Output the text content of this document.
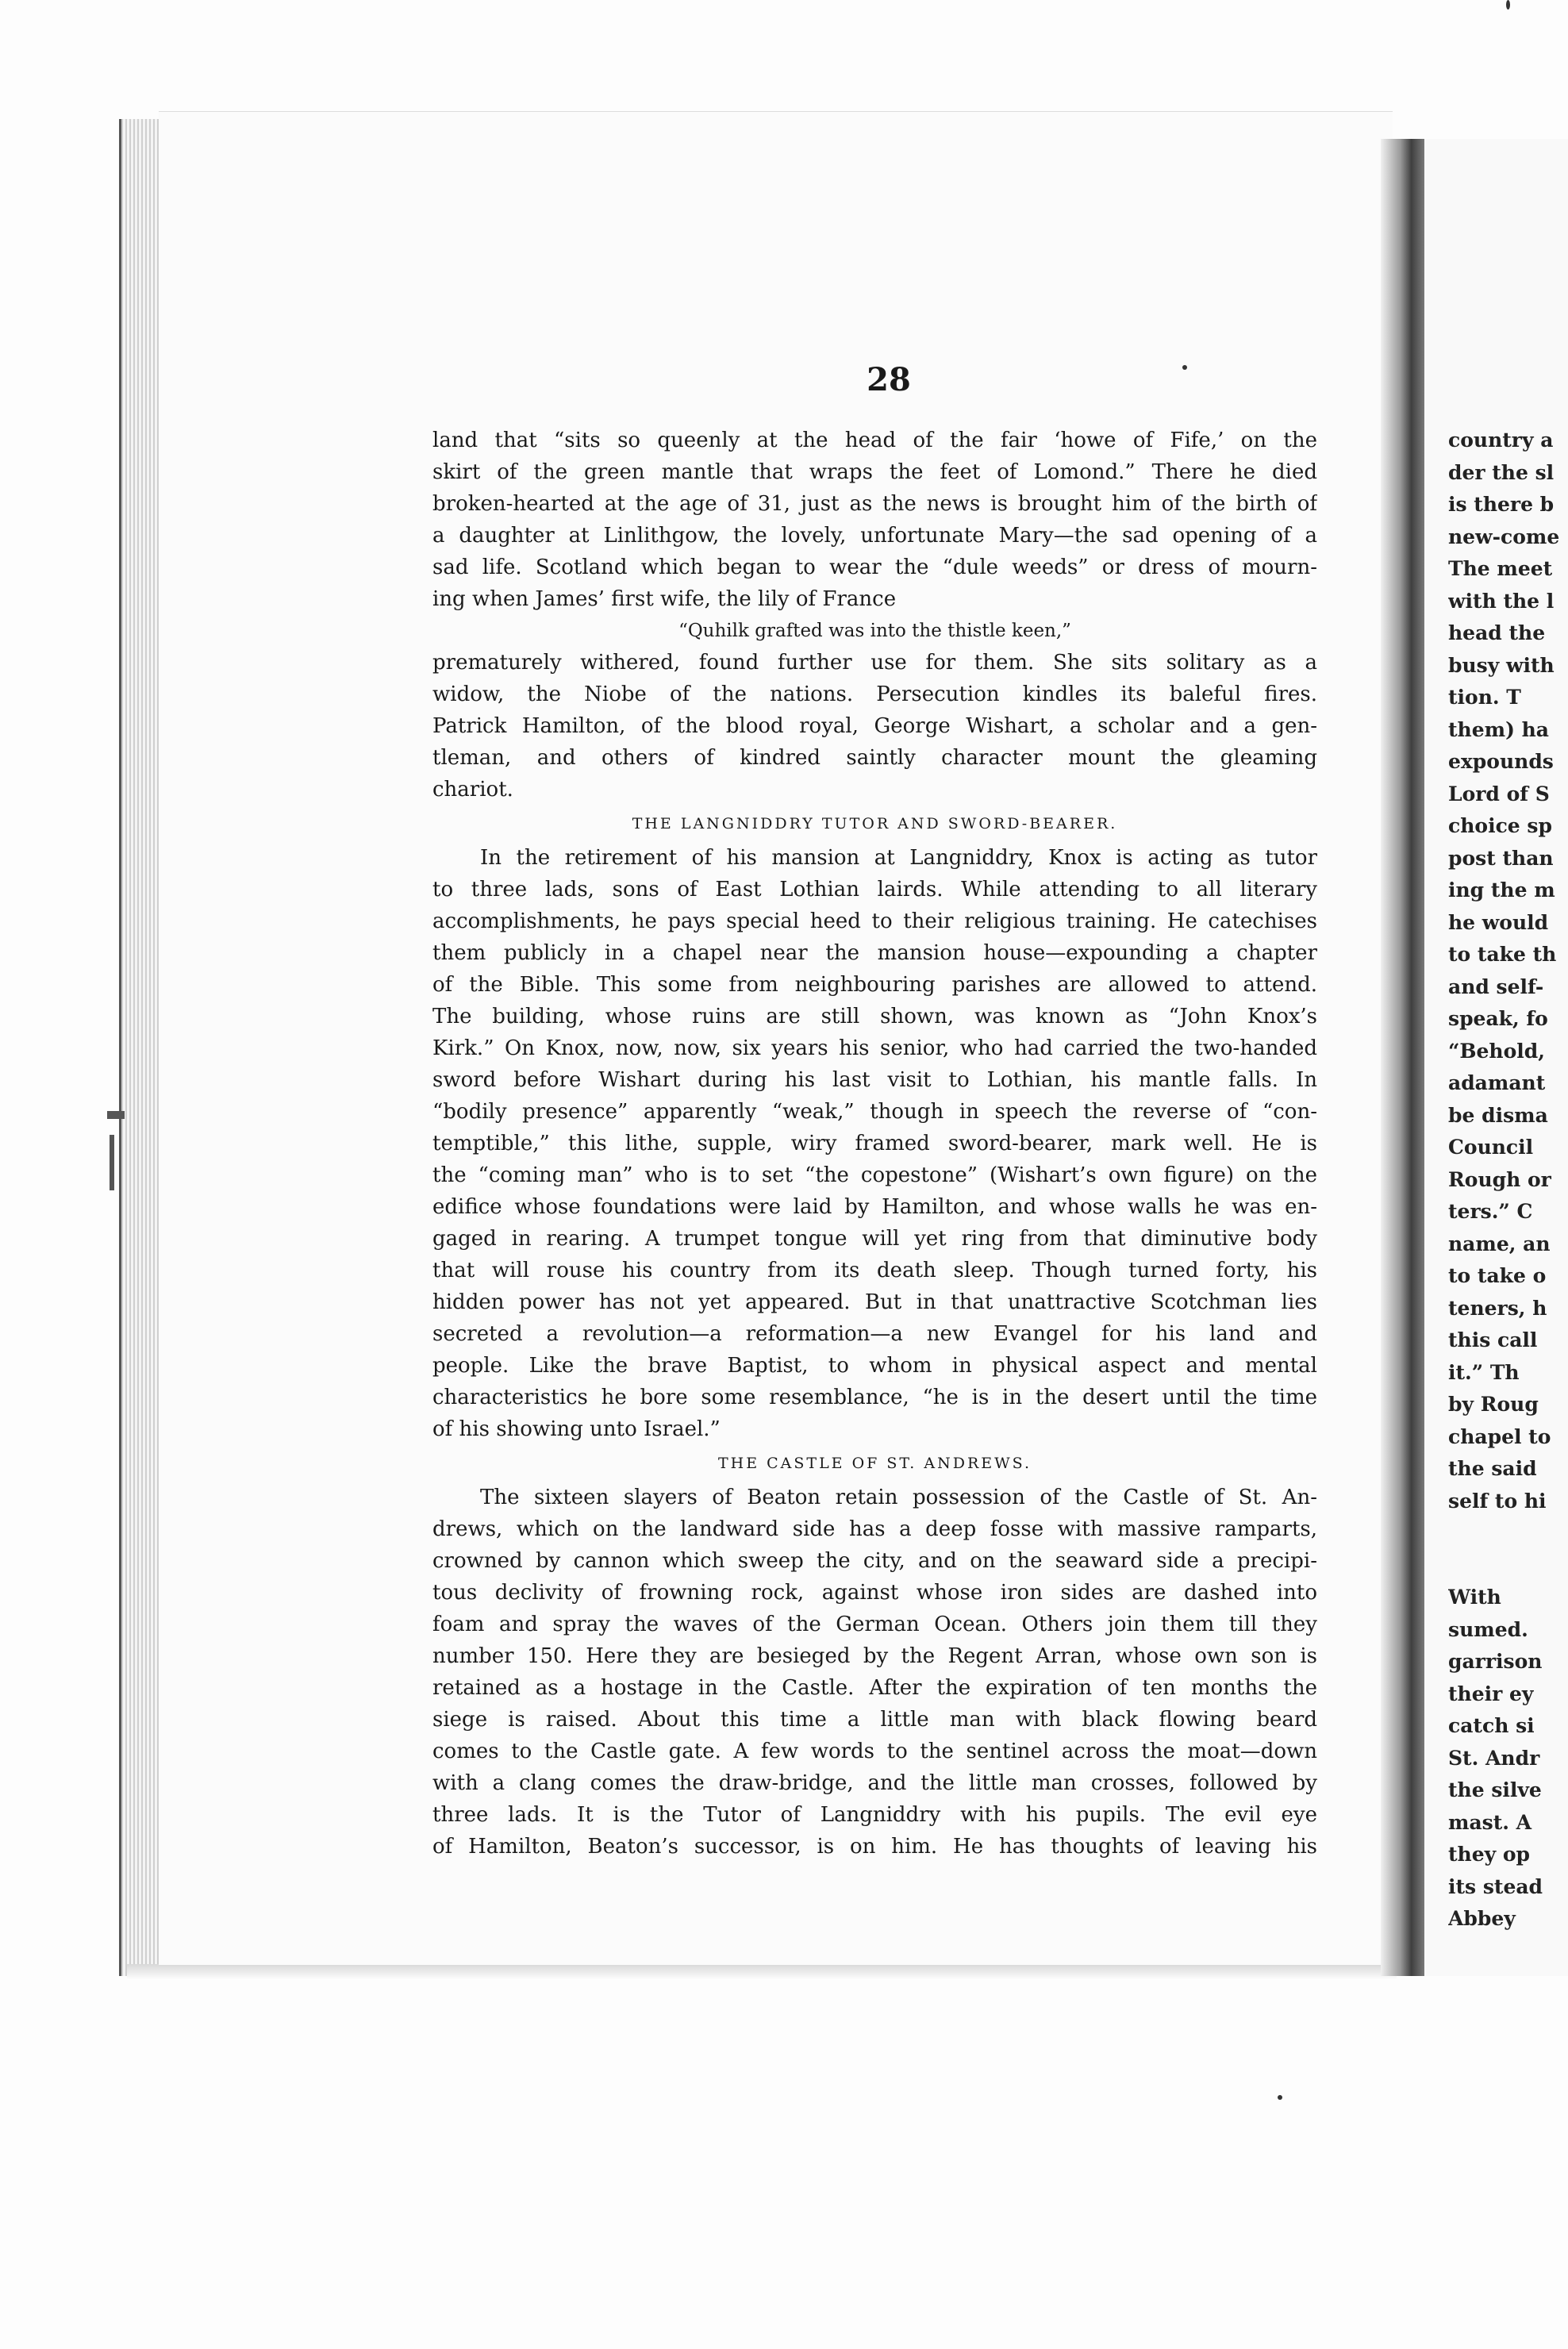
country a
der the sl
is there b
new-come
The meet
with the l
head the
busy with
tion. T
them) ha
expounds
Lord of S
choice sp
post than
ing the m
he would
to take th
and self-
speak, fo
“Behold,
adamant
be disma
Council
Rough or
ters.” C
name, an
to take o
teners, h
this call
it.” Th
by Roug
chapel to
the said
self to hi
With
sumed.
garrison
their ey
catch si
St. Andr
the silve
mast. A
they op
its stead
Abbey
28
land that “sits so queenly at the head of the fair ‘howe of Fife,’ on the
skirt of the green mantle that wraps the feet of Lomond.” There he died
broken-hearted at the age of 31, just as the news is brought him of the birth of
a daughter at Linlithgow, the lovely, unfortunate Mary—the sad opening of a
sad life. Scotland which began to wear the “dule weeds” or dress of mourn-
ing when James’ first wife, the lily of France
“Quhilk grafted was into the thistle keen,”
prematurely withered, found further use for them. She sits solitary as a
widow, the Niobe of the nations. Persecution kindles its baleful fires.
Patrick Hamilton, of the blood royal, George Wishart, a scholar and a gen-
tleman, and others of kindred saintly character mount the gleaming
chariot.
THE LANGNIDDRY TUTOR AND SWORD-BEARER.
In the retirement of his mansion at Langniddry, Knox is acting as tutor
to three lads, sons of East Lothian lairds. While attending to all literary
accomplishments, he pays special heed to their religious training. He catechises
them publicly in a chapel near the mansion house—expounding a chapter
of the Bible. This some from neighbouring parishes are allowed to attend.
The building, whose ruins are still shown, was known as “John Knox’s
Kirk.” On Knox, now, now, six years his senior, who had carried the two-handed
sword before Wishart during his last visit to Lothian, his mantle falls. In
“bodily presence” apparently “weak,” though in speech the reverse of “con-
temptible,” this lithe, supple, wiry framed sword-bearer, mark well. He is
the “coming man” who is to set “the copestone” (Wishart’s own figure) on the
edifice whose foundations were laid by Hamilton, and whose walls he was en-
gaged in rearing. A trumpet tongue will yet ring from that diminutive body
that will rouse his country from its death sleep. Though turned forty, his
hidden power has not yet appeared. But in that unattractive Scotchman lies
secreted a revolution—a reformation—a new Evangel for his land and
people. Like the brave Baptist, to whom in physical aspect and mental
characteristics he bore some resemblance, “he is in the desert until the time
of his showing unto Israel.”
THE CASTLE OF ST. ANDREWS.
The sixteen slayers of Beaton retain possession of the Castle of St. An-
drews, which on the landward side has a deep fosse with massive ramparts,
crowned by cannon which sweep the city, and on the seaward side a precipi-
tous declivity of frowning rock, against whose iron sides are dashed into
foam and spray the waves of the German Ocean. Others join them till they
number 150. Here they are besieged by the Regent Arran, whose own son is
retained as a hostage in the Castle. After the expiration of ten months the
siege is raised. About this time a little man with black flowing beard
comes to the Castle gate. A few words to the sentinel across the moat—down
with a clang comes the draw-bridge, and the little man crosses, followed by
three lads. It is the Tutor of Langniddry with his pupils. The evil eye
of Hamilton, Beaton’s successor, is on him. He has thoughts of leaving his
